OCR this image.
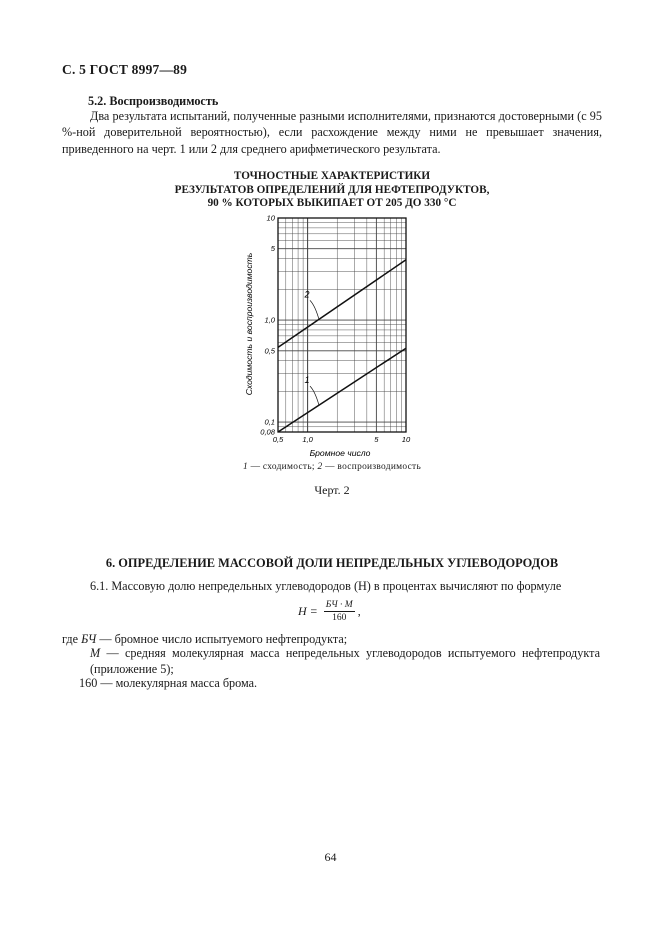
С. 5 ГОСТ 8997—89
5.2. Воспроизводимость
Два результата испытаний, полученные разными исполнителями, признаются достоверными (с 95 %-ной доверительной вероятностью), если расхождение между ними не превышает значения, приведенного на черт. 1 или 2 для среднего арифметического результата.
ТОЧНОСТНЫЕ ХАРАКТЕРИСТИКИ
РЕЗУЛЬТАТОВ ОПРЕДЕЛЕНИЙ ДЛЯ НЕФТЕПРОДУКТОВ,
90 % КОТОРЫХ ВЫКИПАЕТ ОТ 205 ДО 330 °С
1
2
0,5	1,0	5	10
0,08
0,1
0,5
1,0
5
10
Сходимость и воспроизводимость
Бромное число
1 — сходимость; 2 — воспроизводимость
Черт. 2
6. ОПРЕДЕЛЕНИЕ МАССОВОЙ ДОЛИ НЕПРЕДЕЛЬНЫХ УГЛЕВОДОРОДОВ
6.1. Массовую долю непредельных углеводородов (Н) в процентах вычисляют по формуле
$Н = \frac{БЧ \cdot М}{160}$ ,
где БЧ — бромное число испытуемого нефтепродукта;
М — средняя молекулярная масса непредельных углеводородов испытуемого нефтепродукта (приложение 5);
160 — молекулярная масса брома.
64
